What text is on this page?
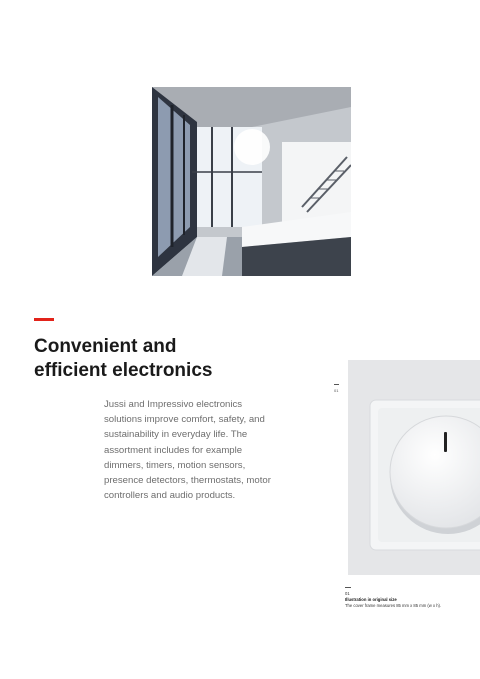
Convenient and
efficient electronics

Jussi and Impressivo electronics solutions improve comfort, safety, and sustainability in everyday life. The assortment includes for example dimmers, timers, motion sensors, presence detectors, thermostats, motor controllers and audio products.

01
01
Illustration in original size
The cover frame measures 85 mm x 85 mm (w x h).
